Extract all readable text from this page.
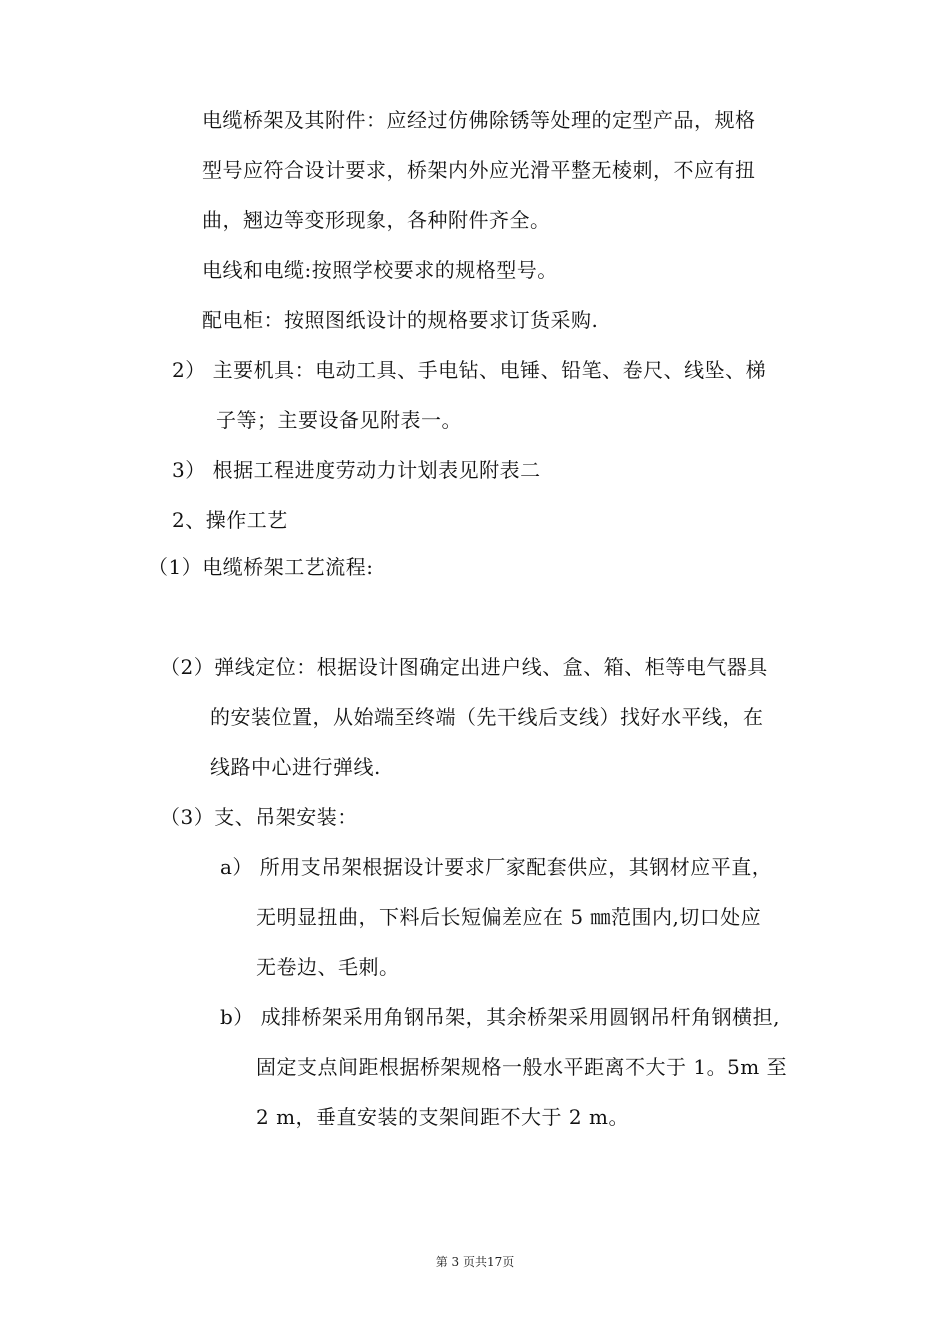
电缆桥架及其附件：应经过仿佛除锈等处理的定型产品，规格
型号应符合设计要求，桥架内外应光滑平整无棱刺，不应有扭
曲，翘边等变形现象，各种附件齐全。
电线和电缆:按照学校要求的规格型号。
配电柜：按照图纸设计的规格要求订货采购.
2） 主要机具：电动工具、手电钻、电锤、铅笔、卷尺、线坠、梯
子等；主要设备见附表一。
3） 根据工程进度劳动力计划表见附表二
2、操作工艺
（1）电缆桥架工艺流程:
（2）弹线定位：根据设计图确定出进户线、盒、箱、柜等电气器具
的安装位置，从始端至终端（先干线后支线）找好水平线，在
线路中心进行弹线.
（3）支、吊架安装：
a） 所用支吊架根据设计要求厂家配套供应，其钢材应平直，
无明显扭曲，下料后长短偏差应在 5 ㎜范围内,切口处应
无卷边、毛刺。
b） 成排桥架采用角钢吊架，其余桥架采用圆钢吊杆角钢横担,
固定支点间距根据桥架规格一般水平距离不大于 1。5m 至
2 m，垂直安装的支架间距不大于 2 m。
第 3 页共17页
